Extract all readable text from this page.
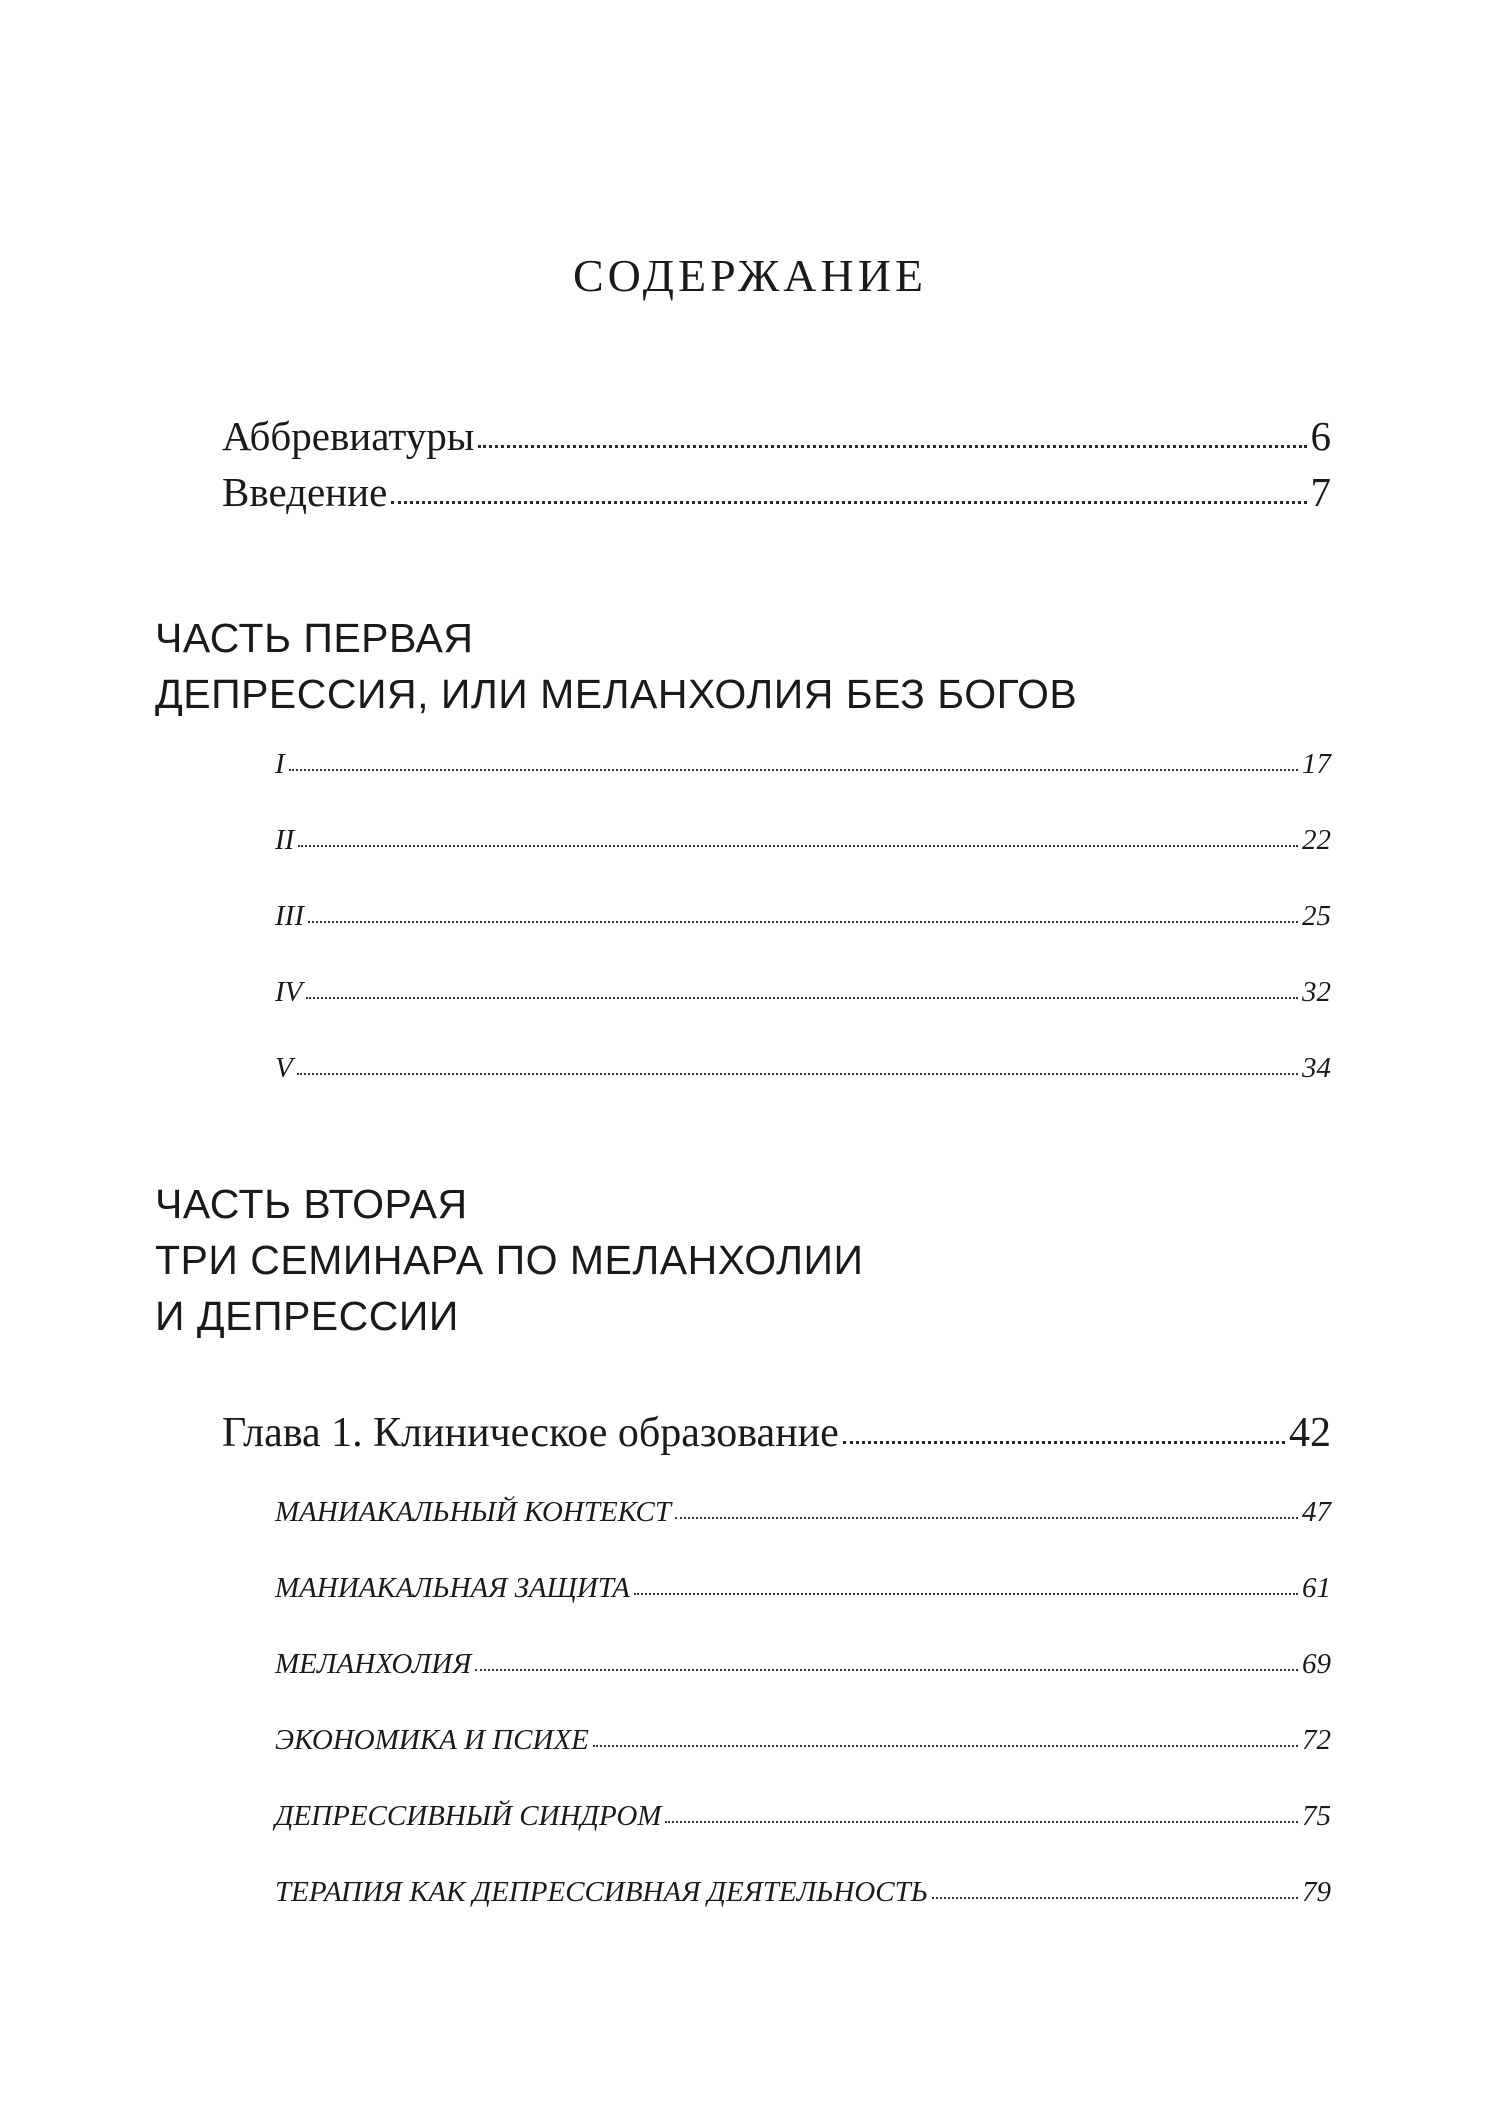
СОДЕРЖАНИЕ
Аббревиатуры	6
Введение	7
ЧАСТЬ ПЕРВАЯ
ДЕПРЕССИЯ, ИЛИ МЕЛАНХОЛИЯ БЕЗ БОГОВ
I	17
II	22
III	25
IV	32
V	34
ЧАСТЬ ВТОРАЯ
ТРИ СЕМИНАРА ПО МЕЛАНХОЛИИ
И ДЕПРЕССИИ
Глава 1. Клиническое образование	42
МАНИАКАЛЬНЫЙ КОНТЕКСТ	47
МАНИАКАЛЬНАЯ ЗАЩИТА	61
МЕЛАНХОЛИЯ	69
ЭКОНОМИКА И ПСИХЕ	72
ДЕПРЕССИВНЫЙ СИНДРОМ	75
ТЕРАПИЯ КАК ДЕПРЕССИВНАЯ ДЕЯТЕЛЬНОСТЬ	79
